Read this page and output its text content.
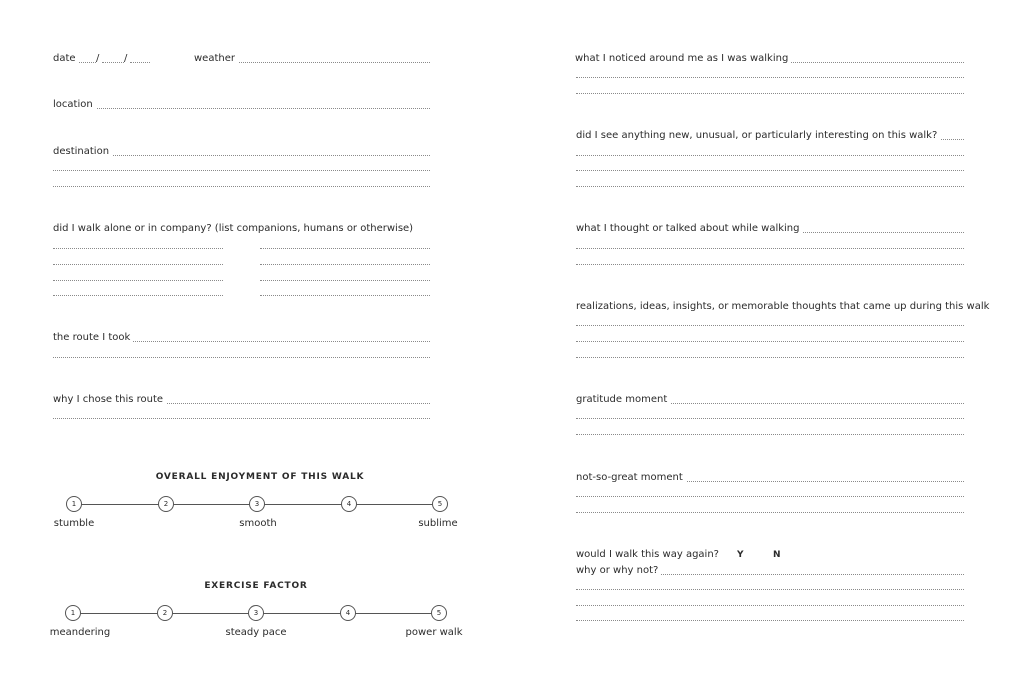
date	/ /	weather
location
destination
did I walk alone or in company? (list companions, humans or otherwise)
the route I took
why I chose this route
OVERALL ENJOYMENT OF THIS WALK
1	2	3	4	5
stumble	smooth	sublime
EXERCISE FACTOR
1	2	3	4	5
meandering	steady pace	power walk
what I noticed around me as I was walking
did I see anything new, unusual, or particularly interesting on this walk?
what I thought or talked about while walking
realizations, ideas, insights, or memorable thoughts that came up during this walk
gratitude moment
not-so-great moment
would I walk this way again?	Y	N
why or why not?
